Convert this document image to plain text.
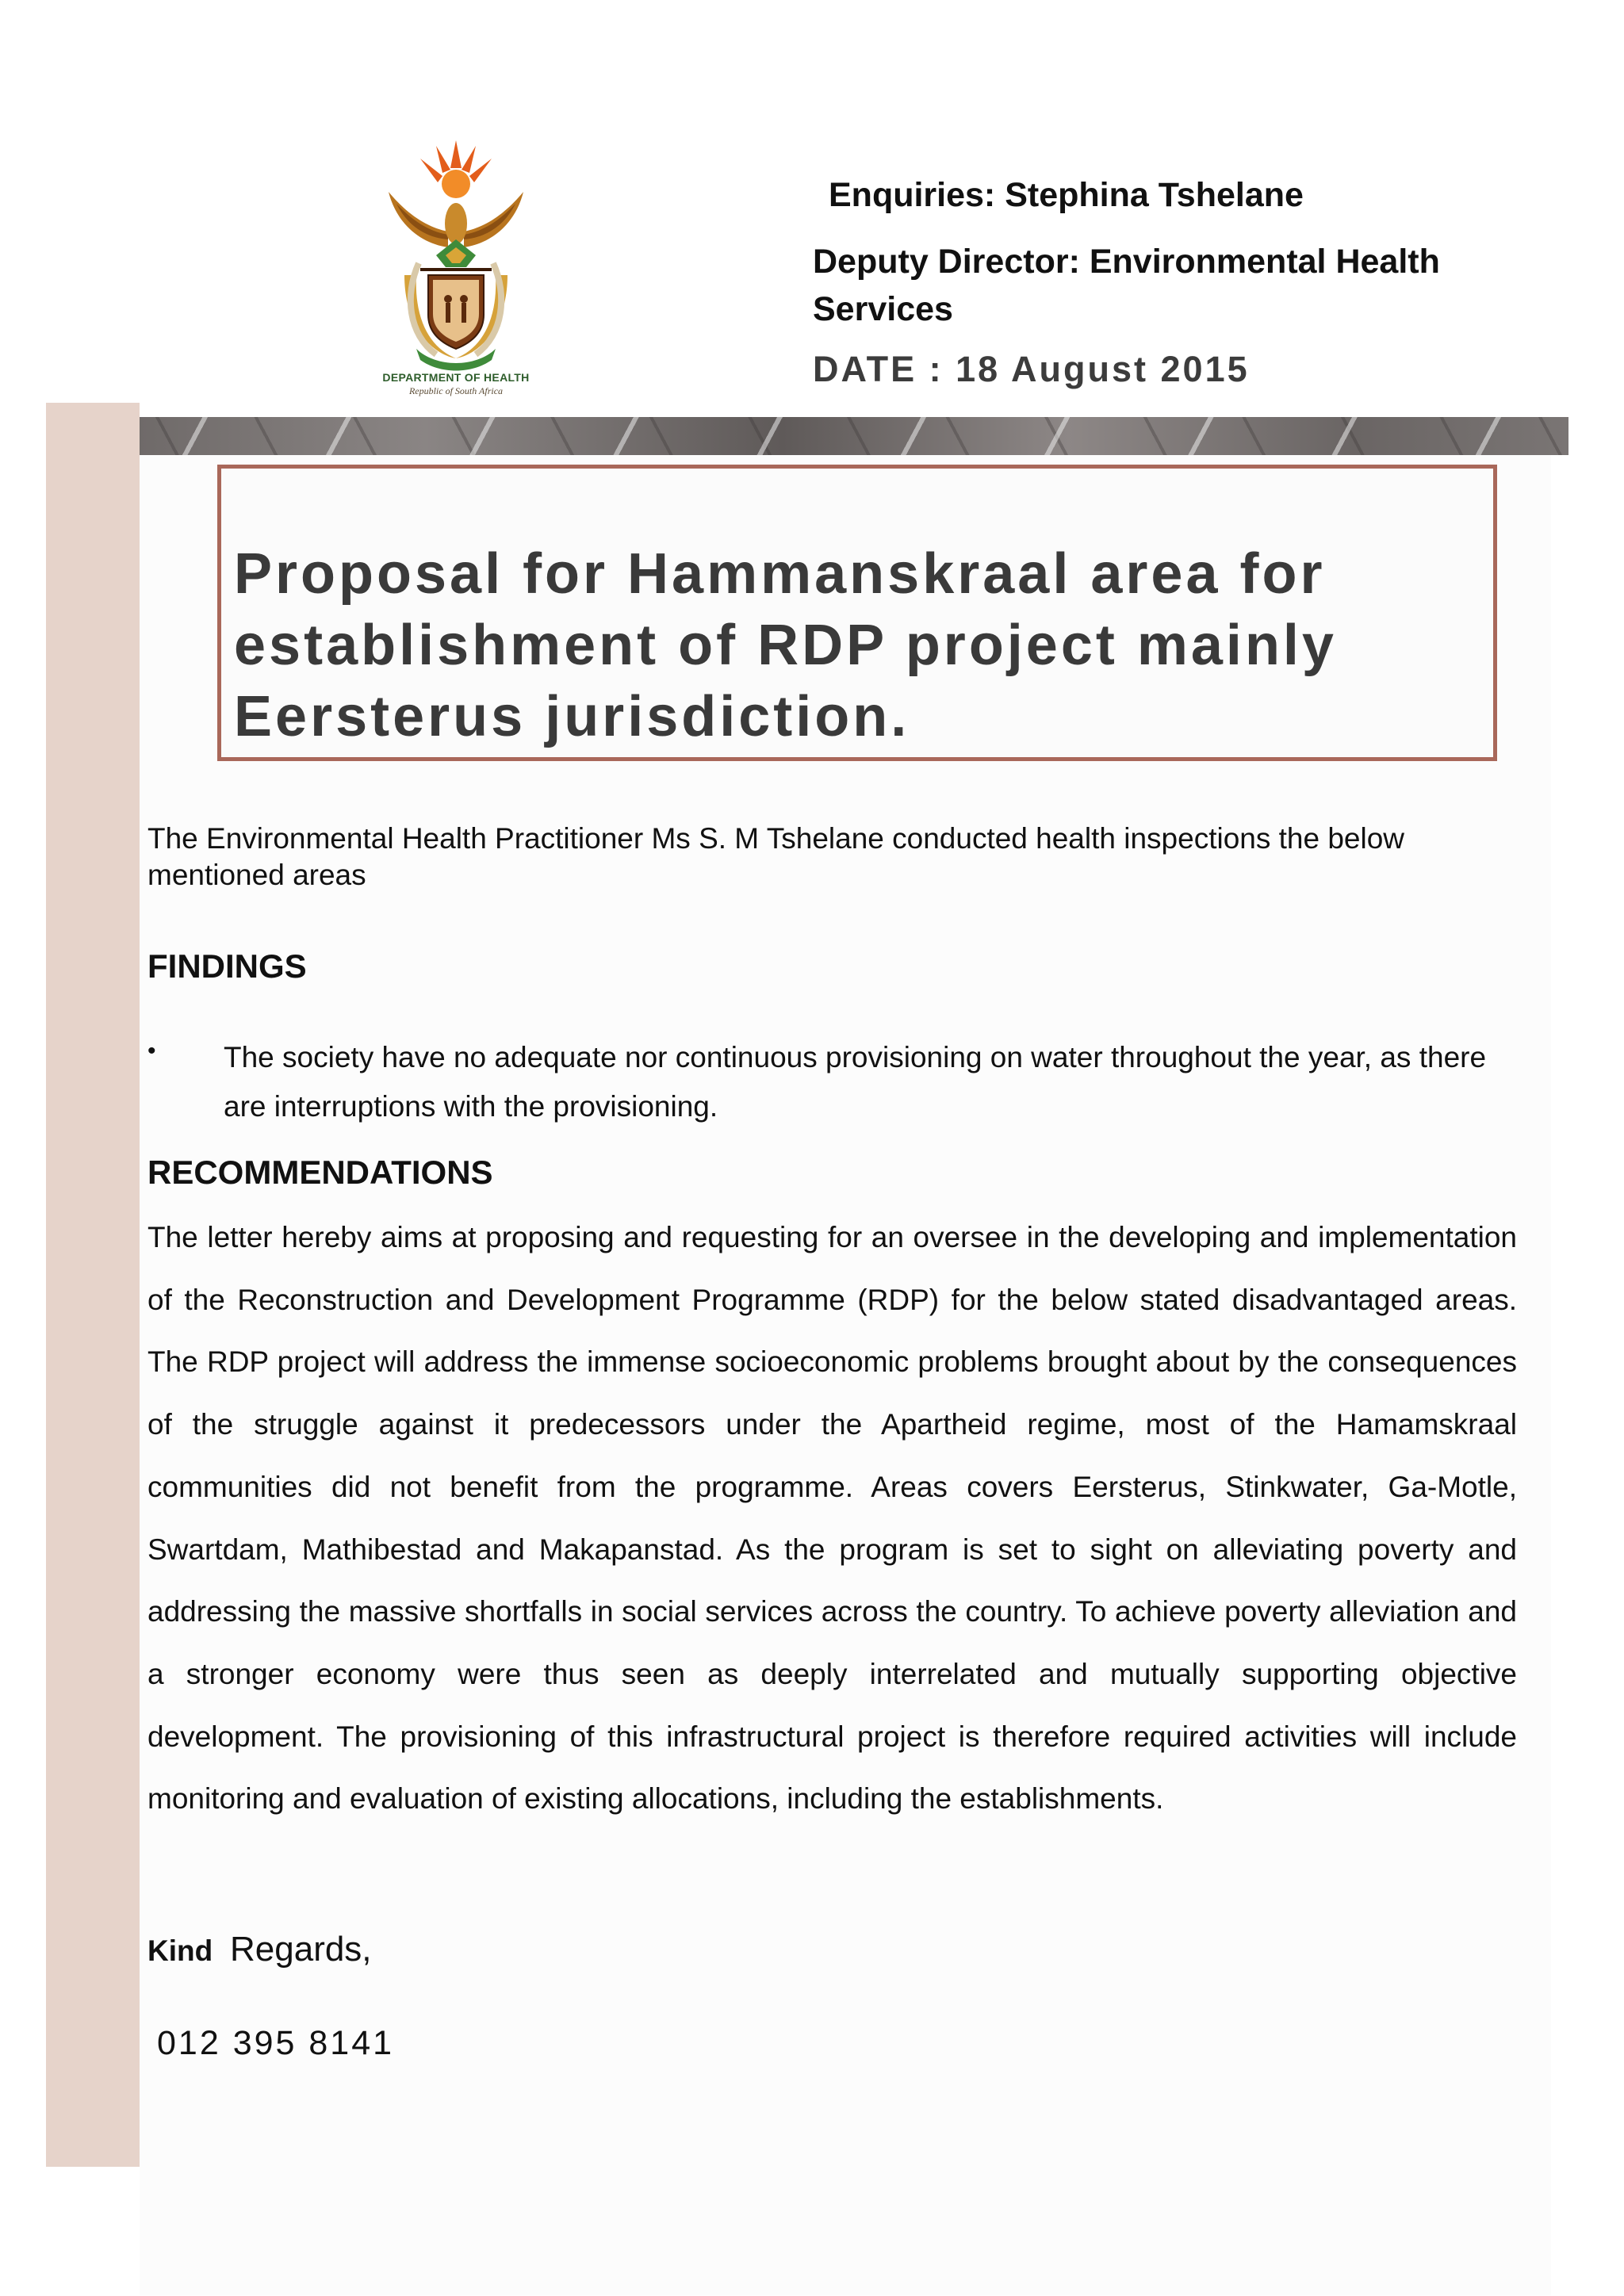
DEPARTMENT OF HEALTH
Republic of South Africa
Enquiries: Stephina Tshelane
Deputy Director: Environmental Health Services
DATE : 18 August 2015
Proposal for Hammanskraal area for establishment of RDP project mainly Eersterus jurisdiction.

The Environmental Health Practitioner Ms S. M Tshelane conducted health inspections the below mentioned areas

FINDINGS
• The society have no adequate nor continuous provisioning on water throughout the year, as there are interruptions with the provisioning.

RECOMMENDATIONS

The letter hereby aims at proposing and requesting for an oversee in the developing and implementation of the Reconstruction and Development Programme (RDP) for the below stated disadvantaged areas. The RDP project will address the immense socioeconomic problems brought about by the consequences of the struggle against it predecessors under the Apartheid regime, most of the Hamamskraal communities did not benefit from the programme. Areas covers Eersterus, Stinkwater, Ga-Motle, Swartdam, Mathibestad and Makapanstad. As the program is set to sight on alleviating poverty and addressing the massive shortfalls in social services across the country. To achieve poverty alleviation and a stronger economy were thus seen as deeply interrelated and mutually supporting objective development. The provisioning of this infrastructural project is therefore required activities will include monitoring and evaluation of existing allocations, including the establishments.

Kind Regards,
012 395 8141
